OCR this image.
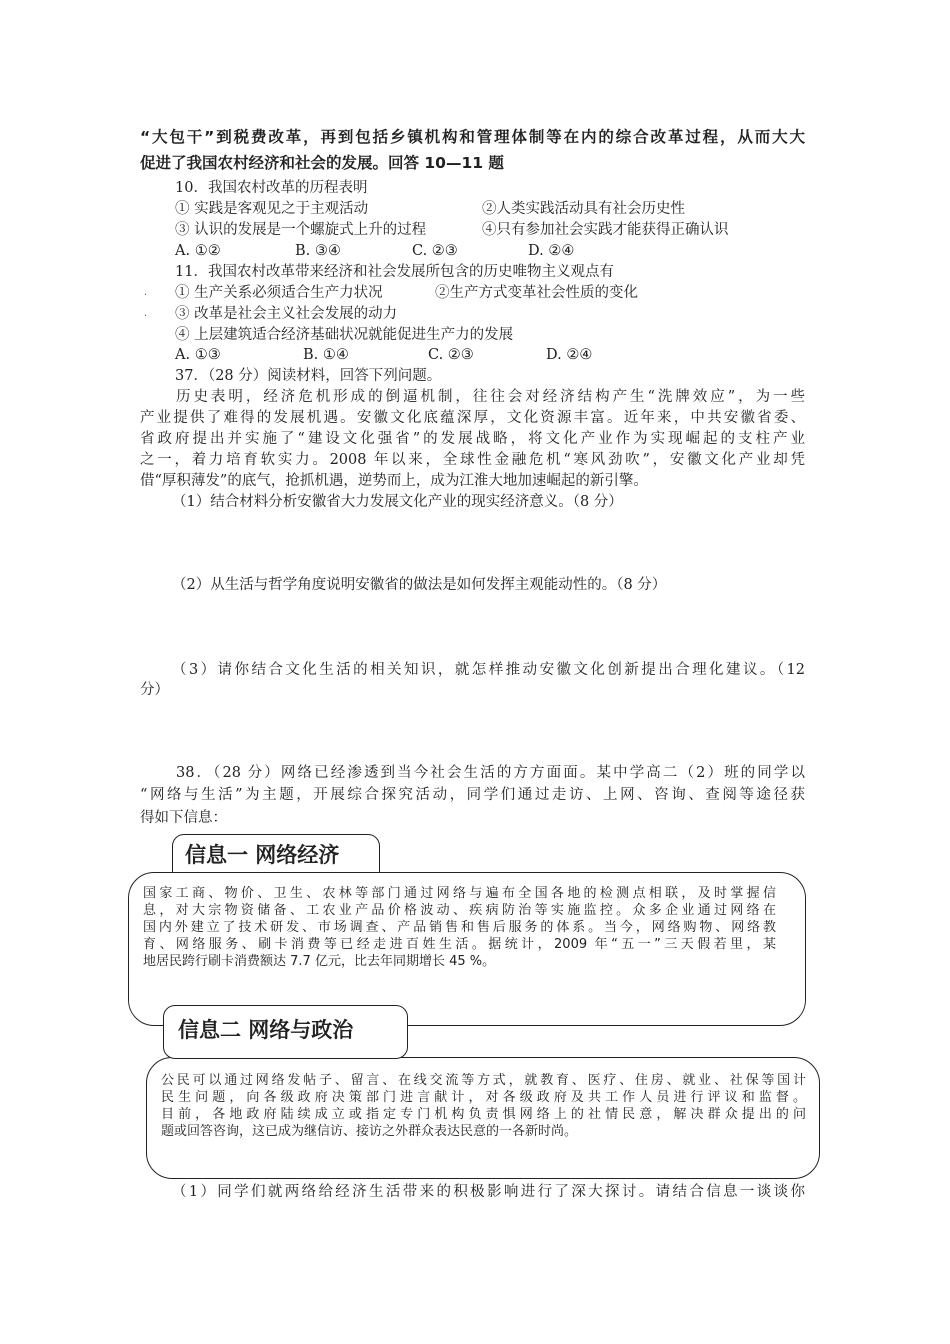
“大包干”到税费改革，再到包括乡镇机构和管理体制等在内的综合改革过程，从而大大
促进了我国农村经济和社会的发展。回答 10—11 题
10．我国农村改革的历程表明
① 实践是客观见之于主观活动	②人类实践活动具有社会历史性
③ 认识的发展是一个螺旋式上升的过程	④只有参加社会实践才能获得正确认识
A. ①②	B. ③④	C. ②③	D. ②④
11．我国农村改革带来经济和社会发展所包含的历史唯物主义观点有
· ① 生产关系必须适合生产力状况	②生产方式变革社会性质的变化
· ③ 改革是社会主义社会发展的动力
④ 上层建筑适合经济基础状况就能促进生产力的发展
A. ①③	B. ①④	C. ②③	D. ②④
37．（28 分）阅读材料，回答下列问题。
历史表明，经济危机形成的倒逼机制，往往会对经济结构产生“洗牌效应”，为一些
产业提供了难得的发展机遇。安徽文化底蕴深厚，文化资源丰富。近年来，中共安徽省委、
省政府提出并实施了“建设文化强省”的发展战略，将文化产业作为实现崛起的支柱产业
之一，着力培育软实力。2008 年以来，全球性金融危机“寒风劲吹”，安徽文化产业却凭
借“厚积薄发”的底气，抢抓机遇，逆势而上，成为江淮大地加速崛起的新引擎。
（1）结合材料分析安徽省大力发展文化产业的现实经济意义。（8 分）
（2）从生活与哲学角度说明安徽省的做法是如何发挥主观能动性的。（8 分）
（3）请你结合文化生活的相关知识，就怎样推动安徽文化创新提出合理化建议。（12
分）
38．（28 分）网络已经渗透到当今社会生活的方方面面。某中学高二（2）班的同学以
“网络与生活”为主题，开展综合探究活动，同学们通过走访、上网、咨询、查阅等途径获
得如下信息：
信息一 网络经济
国家工商、物价、卫生、农林等部门通过网络与遍布全国各地的检测点相联，及时掌握信
息，对大宗物资储备、工农业产品价格波动、疾病防治等实施监控。众多企业通过网络在
国内外建立了技术研发、市场调查、产品销售和售后服务的体系。当今，网络购物、网络教
育、网络服务、刷卡消费等已经走进百姓生活。据统计，2009 年“五一”三天假若里，某
地居民跨行刷卡消费额达 7.7 亿元，比去年同期增长 45 %。
信息二 网络与政治
公民可以通过网络发帖子、留言、在线交流等方式，就教育、医疗、住房、就业、社保等国计
民生问题，向各级政府决策部门进言献计，对各级政府及共工作人员进行评议和监督。
目前，各地政府陆续成立或指定专门机构负责惧网络上的社情民意，解决群众提出的问
题或回答咨询，这已成为继信访、接访之外群众表达民意的一各新时尚。
（1）同学们就两络给经济生活带来的积极影响进行了深大探讨。请结合信息一谈谈你
